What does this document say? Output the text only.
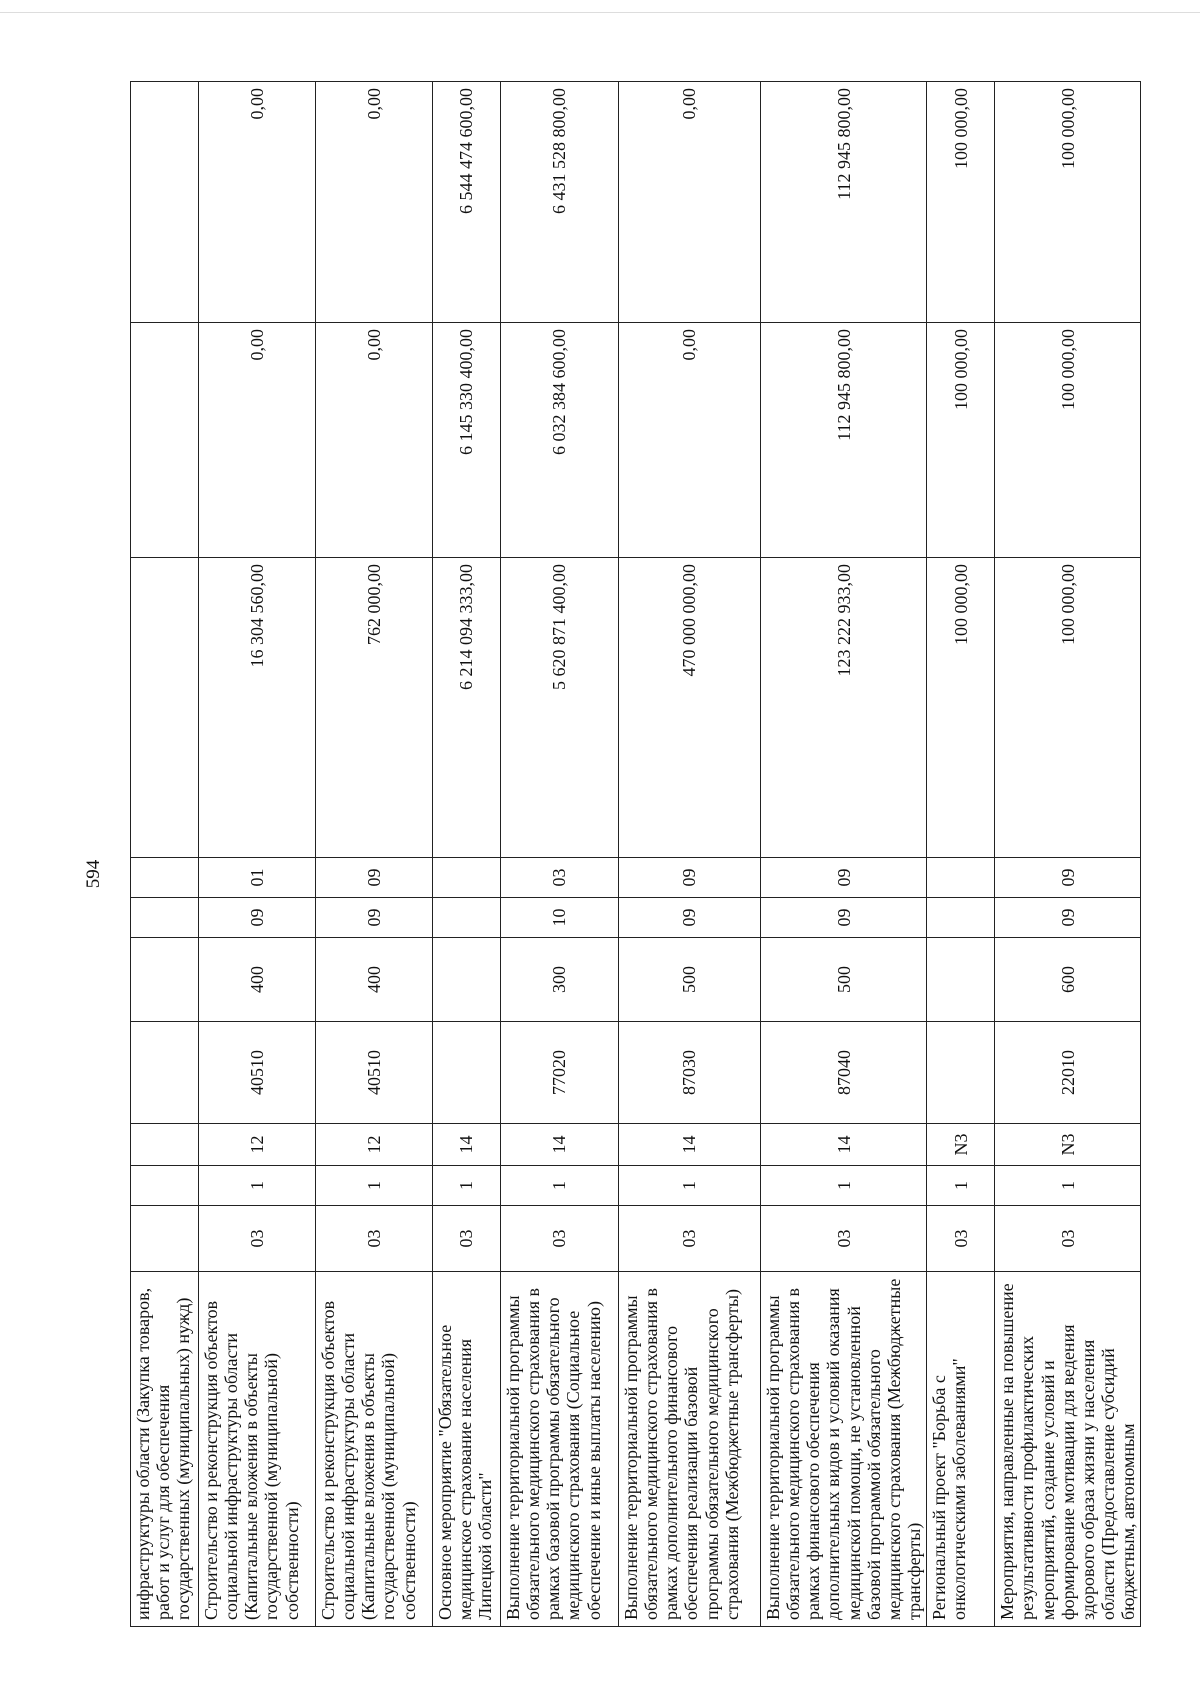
594
инфраструктуры области (Закупка товаров, работ и услуг для обеспечения государственных (муниципальных) нужд)										
Строительство и реконструкция объектов социальной инфраструктуры области (Капитальные вложения в объекты государственной (муниципальной) собственности)	03	1	12	40510	400	09	01	16 304 560,00	0,00	0,00
Строительство и реконструкция объектов социальной инфраструктуры области (Капитальные вложения в объекты государственной (муниципальной) собственности)	03	1	12	40510	400	09	09	762 000,00	0,00	0,00
Основное мероприятие "Обязательное медицинское страхование населения Липецкой области"	03	1	14					6 214 094 333,00	6 145 330 400,00	6 544 474 600,00
Выполнение территориальной программы обязательного медицинского страхования в рамках базовой программы обязательного медицинского страхования (Социальное обеспечение и иные выплаты населению)	03	1	14	77020	300	10	03	5 620 871 400,00	6 032 384 600,00	6 431 528 800,00
Выполнение территориальной программы обязательного медицинского страхования в рамках дополнительного финансового обеспечения реализации базовой программы обязательного медицинского страхования (Межбюджетные трансферты)	03	1	14	87030	500	09	09	470 000 000,00	0,00	0,00
Выполнение территориальной программы обязательного медицинского страхования в рамках финансового обеспечения дополнительных видов и условий оказания медицинской помощи, не установленной базовой программой обязательного медицинского страхования (Межбюджетные трансферты)	03	1	14	87040	500	09	09	123 222 933,00	112 945 800,00	112 945 800,00
Региональный проект "Борьба с онкологическими заболеваниями"	03	1	N3					100 000,00	100 000,00	100 000,00
Мероприятия, направленные на повышение результативности профилактических мероприятий, создание условий и формирование мотивации для ведения здорового образа жизни у населения области (Предоставление субсидий бюджетным, автономным	03	1	N3	22010	600	09	09	100 000,00	100 000,00	100 000,00
